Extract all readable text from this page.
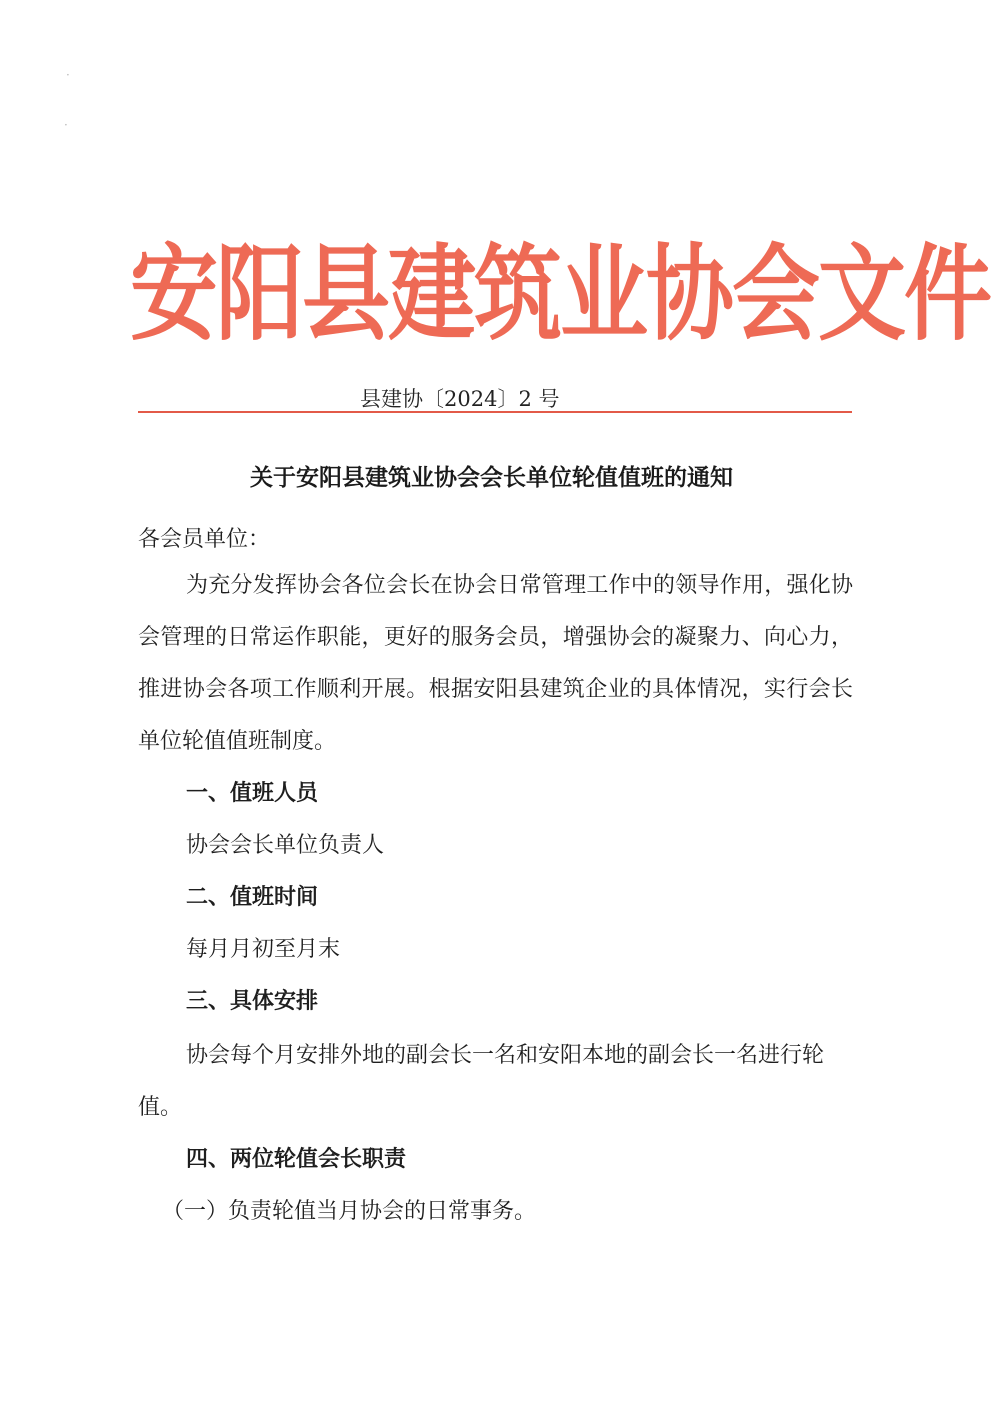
安阳县建筑业协会文件
县建协〔2024〕2 号
关于安阳县建筑业协会会长单位轮值值班的通知
各会员单位：
为充分发挥协会各位会长在协会日常管理工作中的领导作用，强化协会管理的日常运作职能，更好的服务会员，增强协会的凝聚力、向心力，推进协会各项工作顺利开展。根据安阳县建筑企业的具体情况，实行会长单位轮值值班制度。
一、值班人员
协会会长单位负责人
二、值班时间
每月月初至月末
三、具体安排
协会每个月安排外地的副会长一名和安阳本地的副会长一名进行轮值。
四、两位轮值会长职责
（一）负责轮值当月协会的日常事务。
·
·
